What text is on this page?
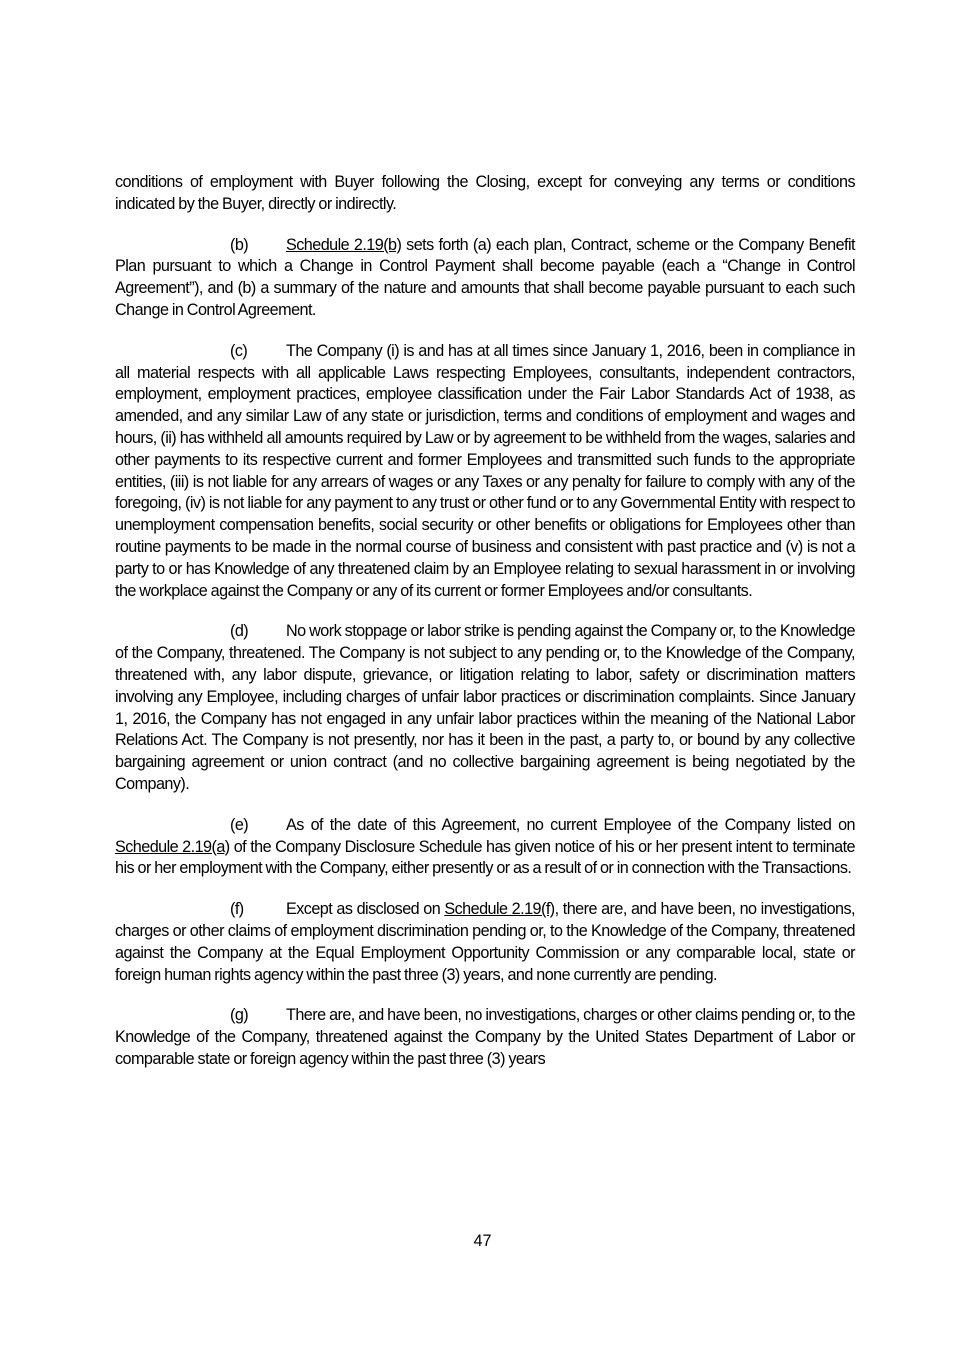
conditions of employment with Buyer following the Closing, except for conveying any terms or conditions indicated by the Buyer, directly or indirectly.

(b) Schedule 2.19(b) sets forth (a) each plan, Contract, scheme or the Company Benefit Plan pursuant to which a Change in Control Payment shall become payable (each a “Change in Control Agreement”), and (b) a summary of the nature and amounts that shall become payable pursuant to each such Change in Control Agreement.

(c) The Company (i) is and has at all times since January 1, 2016, been in compliance in all material respects with all applicable Laws respecting Employees, consultants, independent contractors, employment, employment practices, employee classification under the Fair Labor Standards Act of 1938, as amended, and any similar Law of any state or jurisdiction, terms and conditions of employment and wages and hours, (ii) has withheld all amounts required by Law or by agreement to be withheld from the wages, salaries and other payments to its respective current and former Employees and transmitted such funds to the appropriate entities, (iii) is not liable for any arrears of wages or any Taxes or any penalty for failure to comply with any of the foregoing, (iv) is not liable for any payment to any trust or other fund or to any Governmental Entity with respect to unemployment compensation benefits, social security or other benefits or obligations for Employees other than routine payments to be made in the normal course of business and consistent with past practice and (v) is not a party to or has Knowledge of any threatened claim by an Employee relating to sexual harassment in or involving the workplace against the Company or any of its current or former Employees and/or consultants.

(d) No work stoppage or labor strike is pending against the Company or, to the Knowledge of the Company, threatened. The Company is not subject to any pending or, to the Knowledge of the Company, threatened with, any labor dispute, grievance, or litigation relating to labor, safety or discrimination matters involving any Employee, including charges of unfair labor practices or discrimination complaints. Since January 1, 2016, the Company has not engaged in any unfair labor practices within the meaning of the National Labor Relations Act. The Company is not presently, nor has it been in the past, a party to, or bound by any collective bargaining agreement or union contract (and no collective bargaining agreement is being negotiated by the Company).

(e) As of the date of this Agreement, no current Employee of the Company listed on Schedule 2.19(a) of the Company Disclosure Schedule has given notice of his or her present intent to terminate his or her employment with the Company, either presently or as a result of or in connection with the Transactions.

(f)	Except as disclosed on Schedule 2.19(f), there are, and have been, no investigations, charges or other claims of employment discrimination pending or, to the Knowledge of the Company, threatened against the Company at the Equal Employment Opportunity Commission or any comparable local, state or foreign human rights agency within the past three (3) years, and none currently are pending.

(g) There are, and have been, no investigations, charges or other claims pending or, to the Knowledge of the Company, threatened against the Company by the United States Department of Labor or comparable state or foreign agency within the past three (3) years

47
